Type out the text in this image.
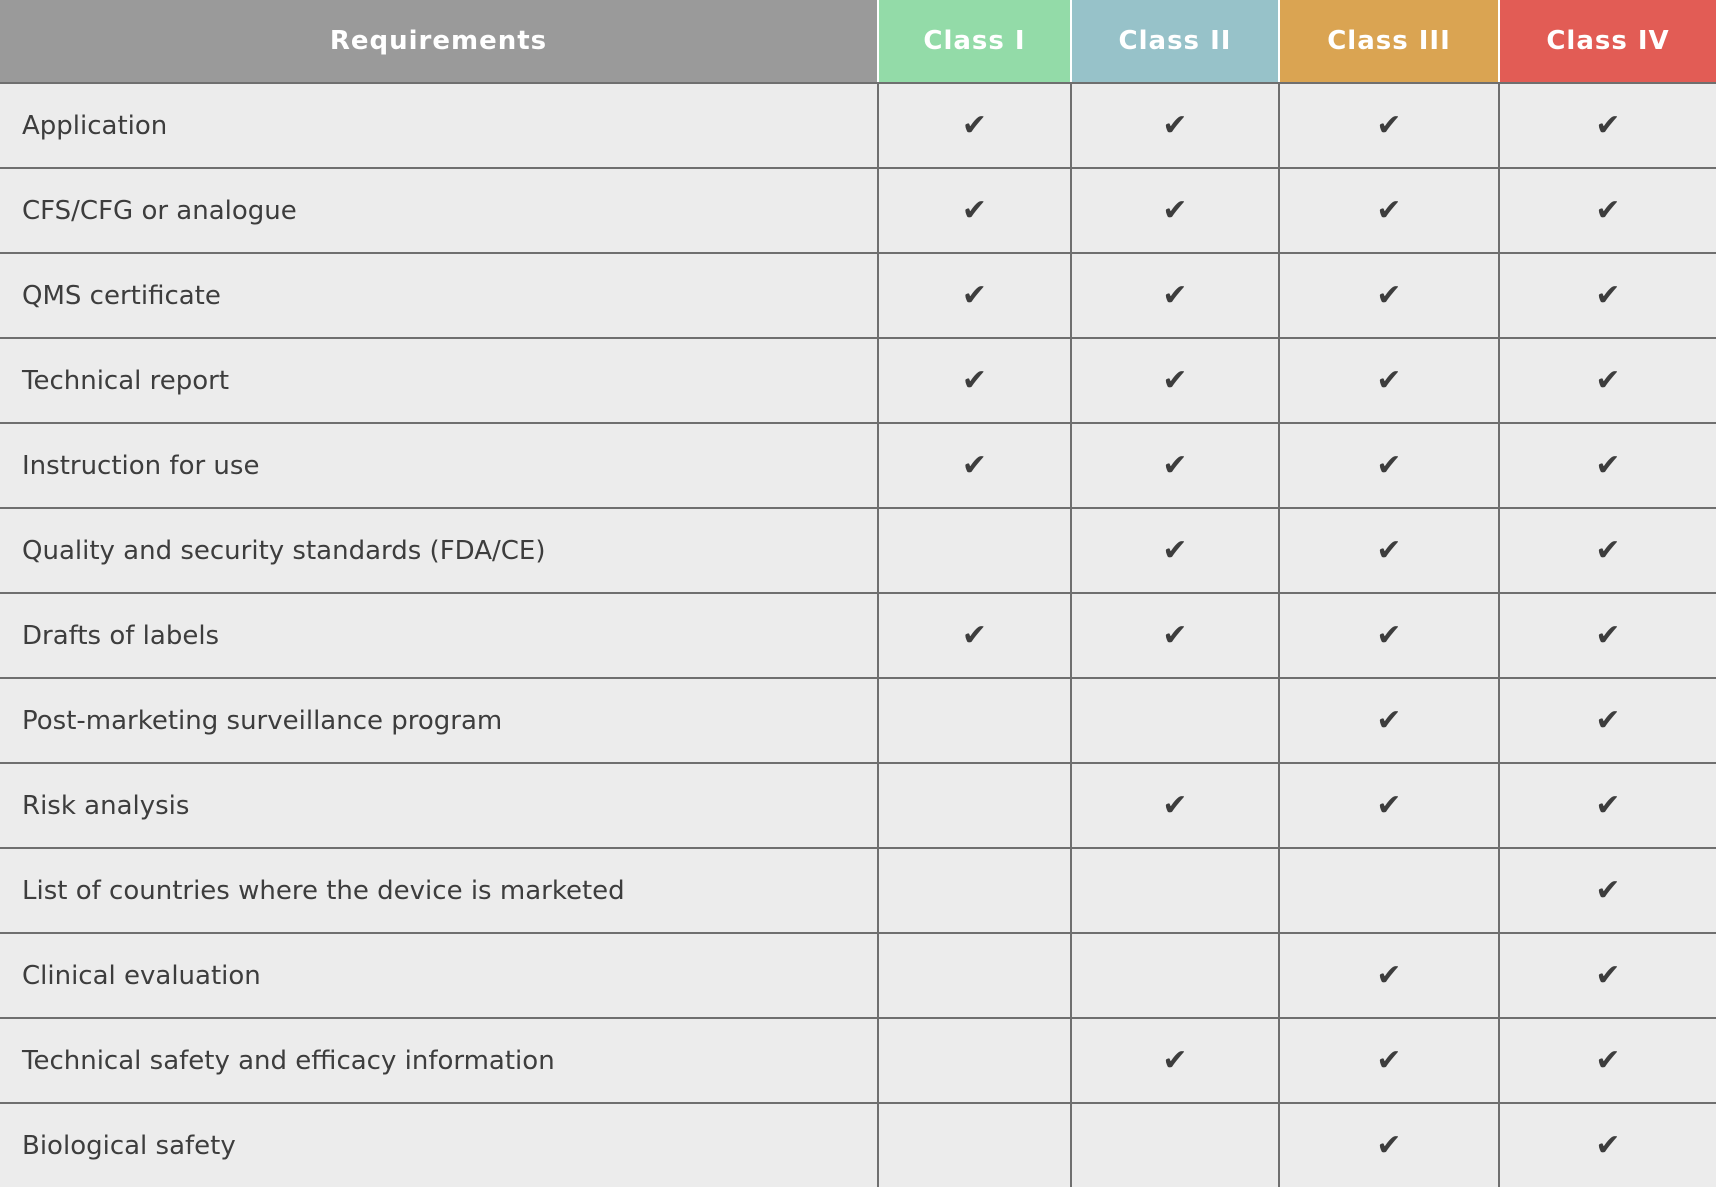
Requirements	Class I	Class II	Class III	Class IV
Application	✔	✔	✔	✔
CFS/CFG or analogue	✔	✔	✔	✔
QMS certificate	✔	✔	✔	✔
Technical report	✔	✔	✔	✔
Instruction for use	✔	✔	✔	✔
Quality and security standards (FDA/CE)		✔	✔	✔
Drafts of labels	✔	✔	✔	✔
Post-marketing surveillance program			✔	✔
Risk analysis		✔	✔	✔
List of countries where the device is marketed				✔
Clinical evaluation			✔	✔
Technical safety and efficacy information		✔	✔	✔
Biological safety			✔	✔
